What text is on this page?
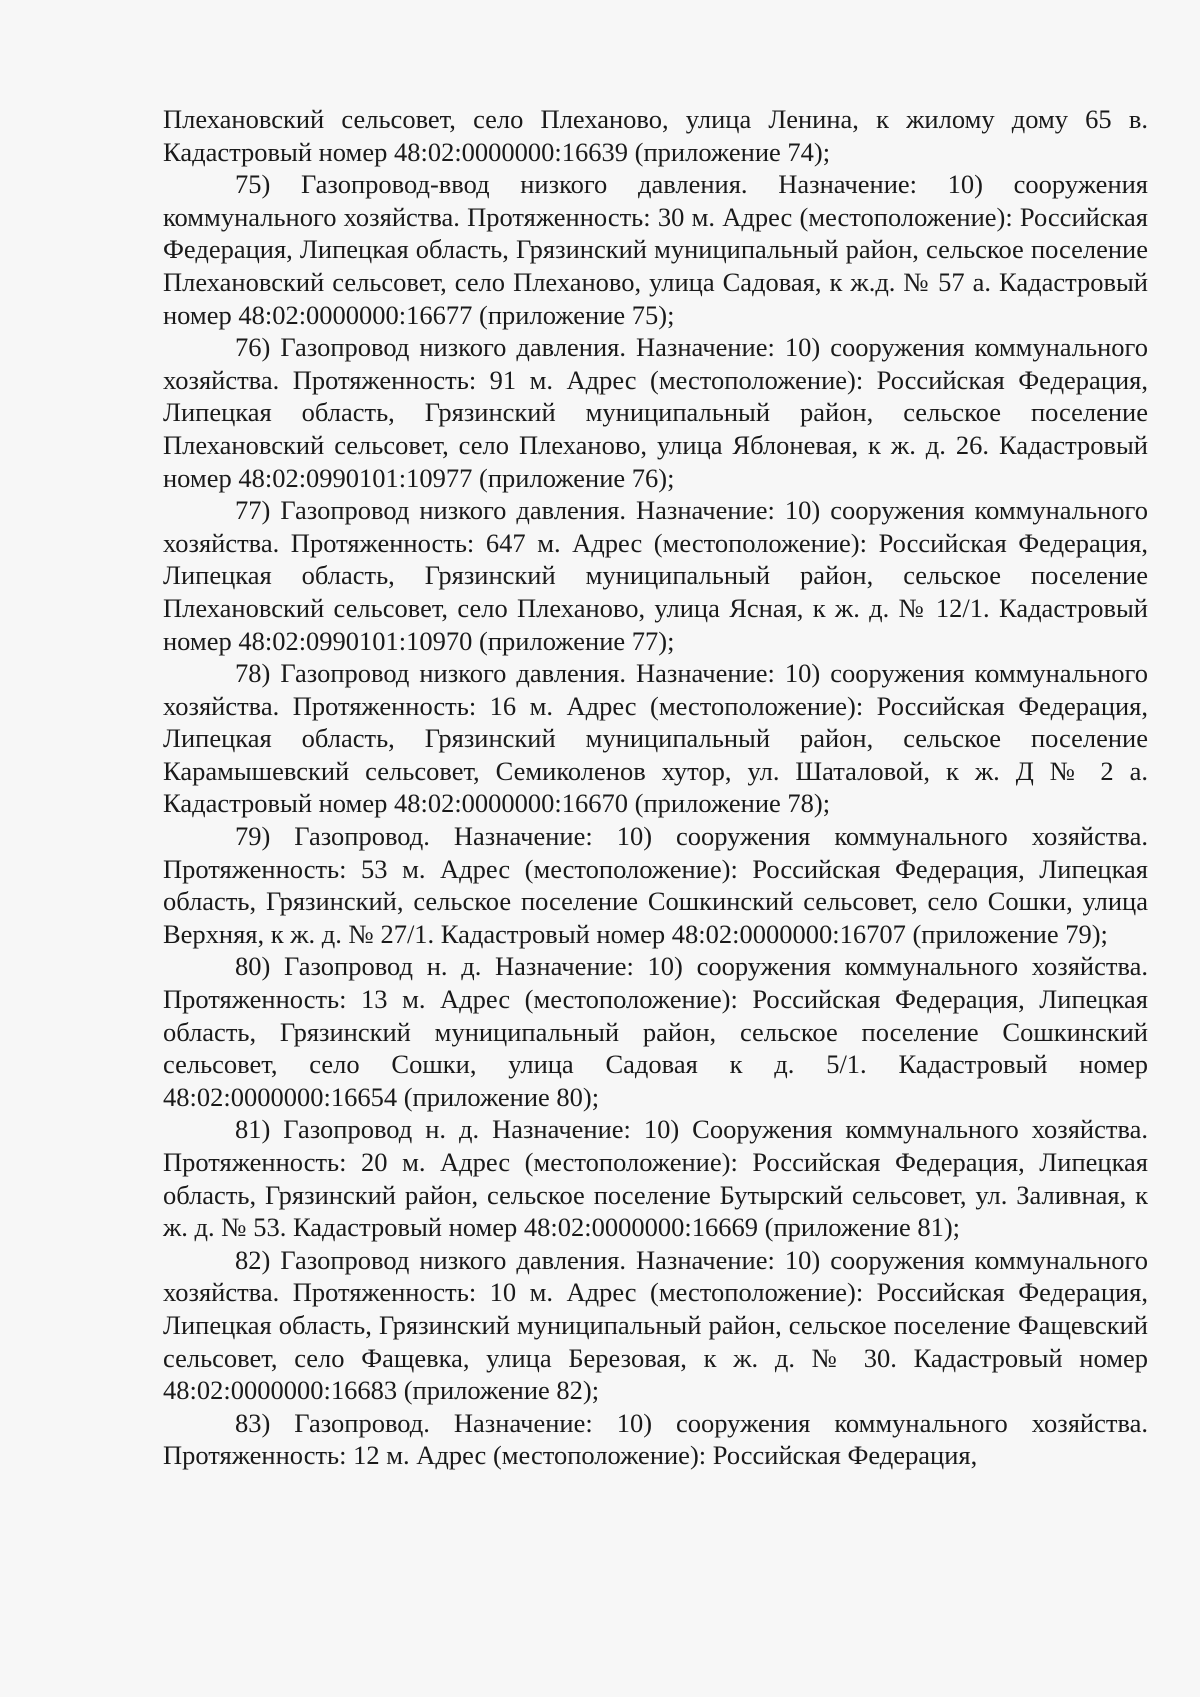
Плехановский сельсовет, село Плеханово, улица Ленина, к жилому дому 65 в. Кадастровый номер 48:02:0000000:16639 (приложение 74);

75) Газопровод-ввод низкого давления. Назначение: 10) сооружения коммунального хозяйства. Протяженность: 30 м. Адрес (местоположение): Российская Федерация, Липецкая область, Грязинский муниципальный район, сельское поселение Плехановский сельсовет, село Плеханово, улица Садовая, к ж.д. № 57 а. Кадастровый номер 48:02:0000000:16677 (приложение 75);

76) Газопровод низкого давления. Назначение: 10) сооружения коммунального хозяйства. Протяженность: 91 м. Адрес (местоположение): Российская Федерация, Липецкая область, Грязинский муниципальный район, сельское поселение Плехановский сельсовет, село Плеханово, улица Яблоневая, к ж. д. 26. Кадастровый номер 48:02:0990101:10977 (приложение 76);

77) Газопровод низкого давления. Назначение: 10) сооружения коммунального хозяйства. Протяженность: 647 м. Адрес (местоположение): Российская Федерация, Липецкая область, Грязинский муниципальный район, сельское поселение Плехановский сельсовет, село Плеханово, улица Ясная, к ж. д. № 12/1. Кадастровый номер 48:02:0990101:10970 (приложение 77);

78) Газопровод низкого давления. Назначение: 10) сооружения коммунального хозяйства. Протяженность: 16 м. Адрес (местоположение): Российская Федерация, Липецкая область, Грязинский муниципальный район, сельское поселение Карамышевский сельсовет, Семиколенов хутор, ул. Шаталовой, к ж. Д № 2 а. Кадастровый номер 48:02:0000000:16670 (приложение 78);

79) Газопровод. Назначение: 10) сооружения коммунального хозяйства. Протяженность: 53 м. Адрес (местоположение): Российская Федерация, Липецкая область, Грязинский, сельское поселение Сошкинский сельсовет, село Сошки, улица Верхняя, к ж. д. № 27/1. Кадастровый номер 48:02:0000000:16707 (приложение 79);

80) Газопровод н. д. Назначение: 10) сооружения коммунального хозяйства. Протяженность: 13 м. Адрес (местоположение): Российская Федерация, Липецкая область, Грязинский муниципальный район, сельское поселение Сошкинский сельсовет, село Сошки, улица Садовая к д. 5/1. Кадастровый номер 48:02:0000000:16654 (приложение 80);

81) Газопровод н. д. Назначение: 10) Сооружения коммунального хозяйства. Протяженность: 20 м. Адрес (местоположение): Российская Федерация, Липецкая область, Грязинский район, сельское поселение Бутырский сельсовет, ул. Заливная, к ж. д. № 53. Кадастровый номер 48:02:0000000:16669 (приложение 81);

82) Газопровод низкого давления. Назначение: 10) сооружения коммунального хозяйства. Протяженность: 10 м. Адрес (местоположение): Российская Федерация, Липецкая область, Грязинский муниципальный район, сельское поселение Фащевский сельсовет, село Фащевка, улица Березовая, к ж. д. № 30. Кадастровый номер 48:02:0000000:16683 (приложение 82);

83) Газопровод. Назначение: 10) сооружения коммунального хозяйства. Протяженность: 12 м. Адрес (местоположение): Российская Федерация,
